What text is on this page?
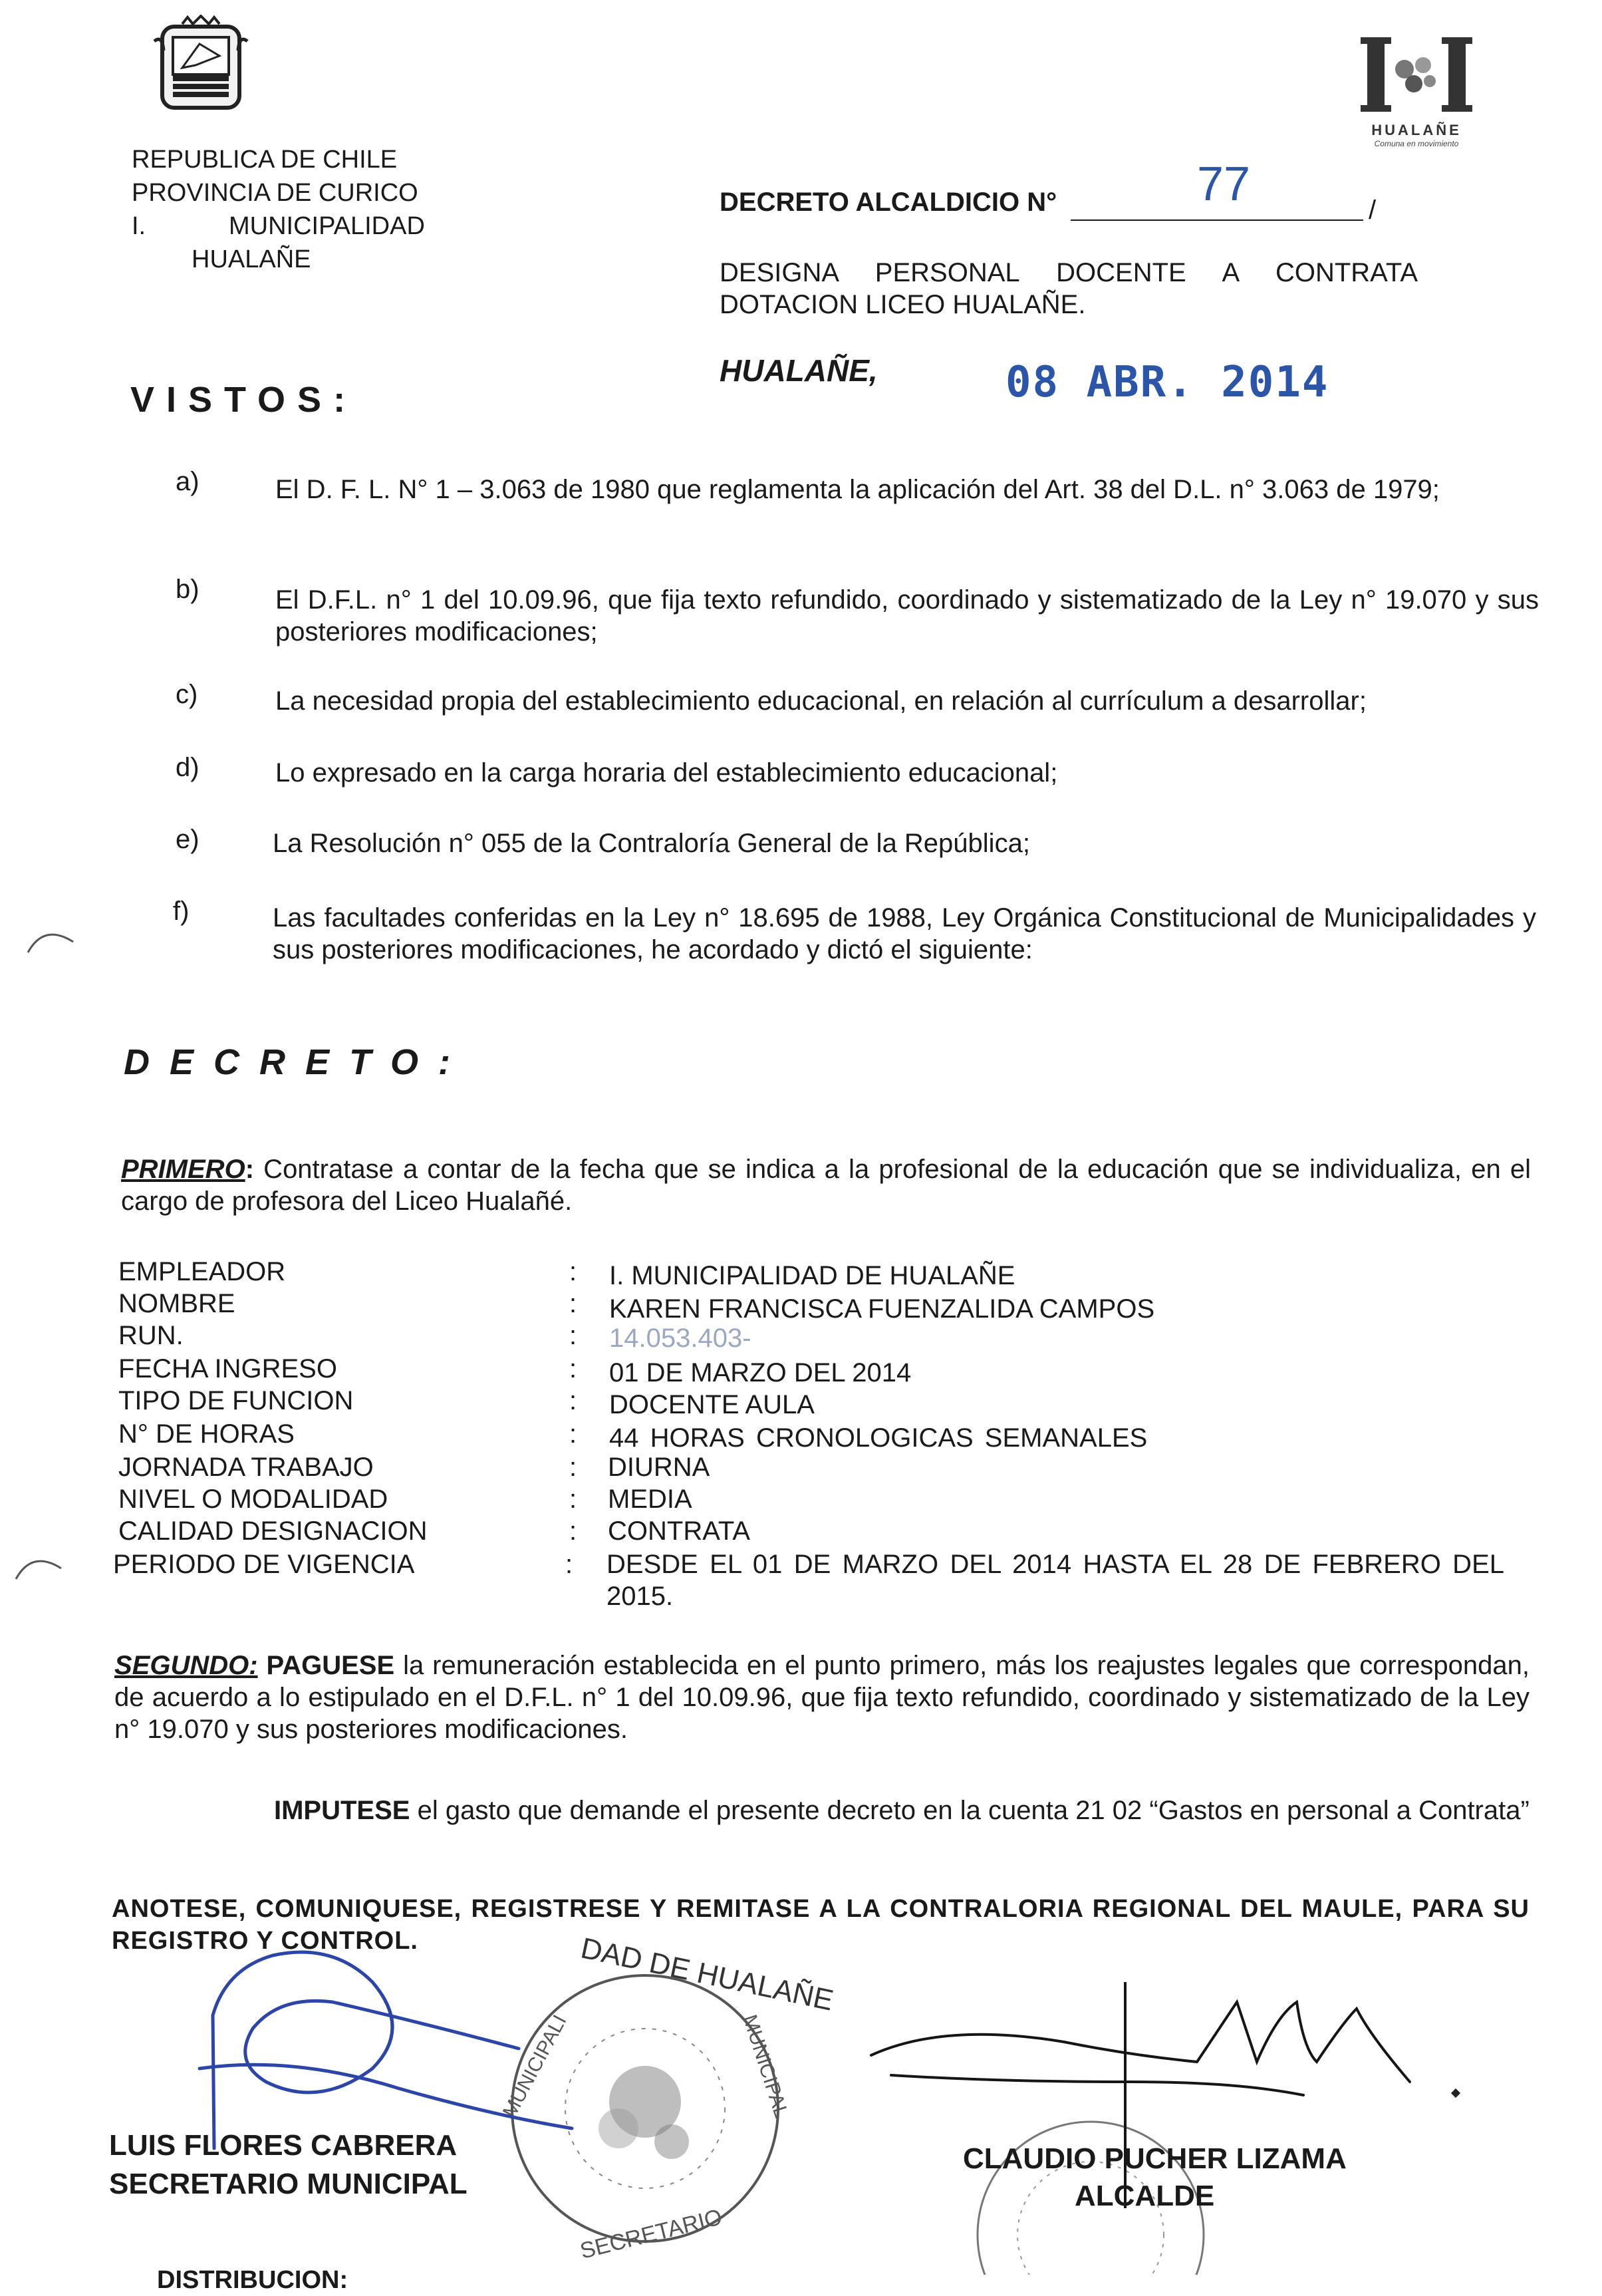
HUALAÑE
Comuna en movimiento
REPUBLICA DE CHILE
PROVINCIA DE CURICO
I.	MUNICIPALIDAD
HUALAÑE
DECRETO ALCALDICIO N°	77	/
DESIGNA PERSONAL DOCENTE A CONTRATA DOTACION LICEO HUALAÑE.
HUALAÑE,	08 ABR. 2014
VISTOS:
a)	El D. F. L. N° 1 – 3.063 de 1980 que reglamenta la aplicación del Art. 38 del D.L. n° 3.063 de 1979;
b)	El D.F.L. n° 1 del 10.09.96, que fija texto refundido, coordinado y sistematizado de la Ley n° 19.070 y sus posteriores modificaciones;
c)	La necesidad propia del establecimiento educacional, en relación al currículum a desarrollar;
d)	Lo expresado en la carga horaria del establecimiento educacional;
e)	La Resolución n° 055 de la Contraloría General de la República;
f)	Las facultades conferidas en la Ley n° 18.695 de 1988, Ley Orgánica Constitucional de Municipalidades y sus posteriores modificaciones, he acordado y dictó el siguiente:
DECRETO:
PRIMERO: Contratase a contar de la fecha que se indica a la profesional de la educación que se individualiza, en el cargo de profesora del Liceo Hualañé.
EMPLEADOR	: I. MUNICIPALIDAD DE HUALAÑE
NOMBRE	: KAREN FRANCISCA FUENZALIDA CAMPOS
RUN.	: 14.053.403-
FECHA INGRESO	: 01 DE MARZO DEL 2014
TIPO DE FUNCION	: DOCENTE AULA
N° DE HORAS	: 44 HORAS CRONOLOGICAS SEMANALES
JORNADA TRABAJO	: DIURNA
NIVEL O MODALIDAD	: MEDIA
CALIDAD DESIGNACION	: CONTRATA
PERIODO DE VIGENCIA	: DESDE EL 01 DE MARZO DEL 2014 HASTA EL 28 DE FEBRERO DEL 2015.
SEGUNDO: PAGUESE la remuneración establecida en el punto primero, más los reajustes legales que correspondan, de acuerdo a lo estipulado en el D.F.L. n° 1 del 10.09.96, que fija texto refundido, coordinado y sistematizado de la Ley n° 19.070 y sus posteriores modificaciones.
IMPUTESE el gasto que demande el presente decreto en la cuenta 21 02 “Gastos en personal a Contrata”
ANOTESE, COMUNIQUESE, REGISTRESE Y REMITASE A LA CONTRALORIA REGIONAL DEL MAULE, PARA SU REGISTRO Y CONTROL.	DAD DE HUALAÑE
MUNICIPALI	MUNICIPAL
SECRETARIO
LUIS FLORES CABRERA
SECRETARIO MUNICIPAL
CLAUDIO PUCHER LIZAMA
ALCALDE
DISTRIBUCION:
